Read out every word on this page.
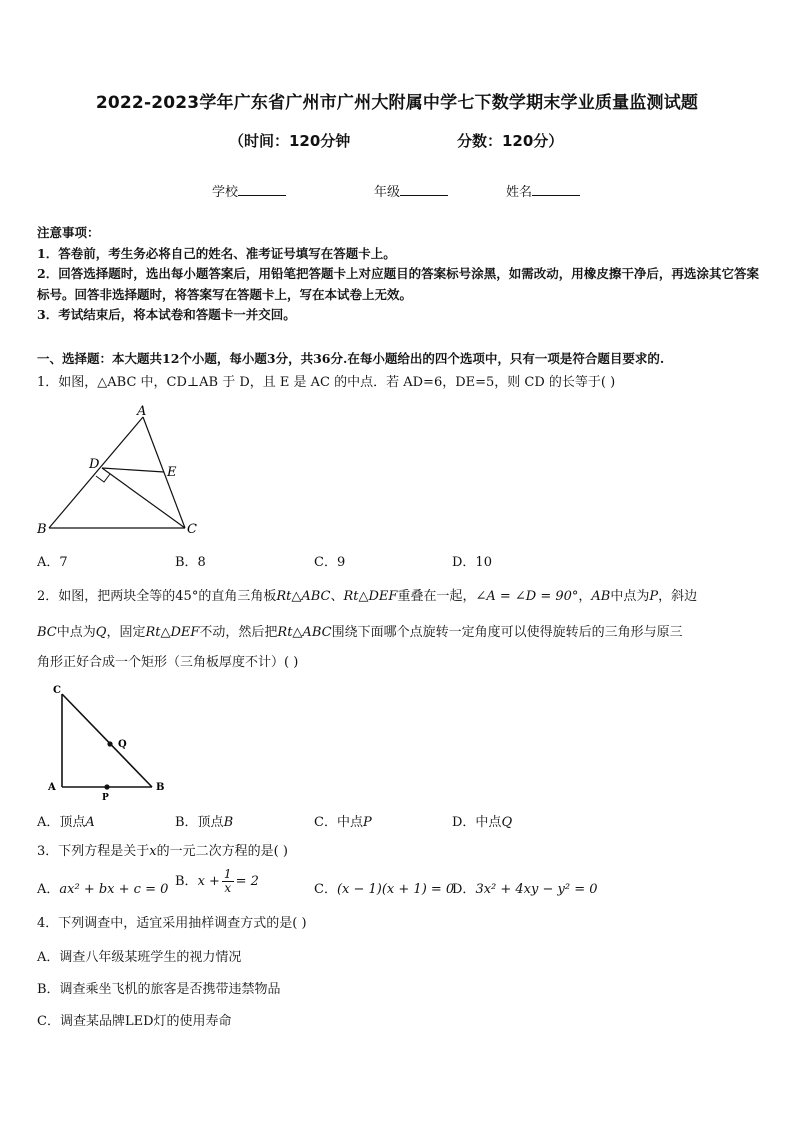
2022-2023学年广东省广州市广州大附属中学七下数学期末学业质量监测试题
（时间：120分钟	分数：120分）
学校	年级	姓名
注意事项：
1．答卷前，考生务必将自己的姓名、准考证号填写在答题卡上。
2．回答选择题时，选出每小题答案后，用铅笔把答题卡上对应题目的答案标号涂黑，如需改动，用橡皮擦干净后，再选涂其它答案标号。回答非选择题时，将答案写在答题卡上，写在本试卷上无效。
3．考试结束后，将本试卷和答题卡一并交回。
一、选择题：本大题共12个小题，每小题3分，共36分.在每小题给出的四个选项中，只有一项是符合题目要求的.
1．如图，△ABC 中，CD⊥AB 于 D，且 E 是 AC 的中点．若 AD=6，DE=5，则 CD 的长等于( )
A
D
E
B	C
A．7	B．8	C．9	D．10
2．如图，把两块全等的45°的直角三角板Rt△ABC、Rt△DEF重叠在一起，∠A = ∠D = 90°，AB中点为P，斜边
BC中点为Q，固定Rt△DEF不动，然后把Rt△ABC围绕下面哪个点旋转一定角度可以使得旋转后的三角形与原三
角形正好合成一个矩形（三角板厚度不计）( )
C
Q
A	B
P
A．顶点A	B．顶点B	C．中点P	D．中点Q
3．下列方程是关于x的一元二次方程的是( )
A．ax² + bx + c = 0
B．$x + \frac{1}{x} = 2$
C．(x − 1)(x + 1) = 0
D．3x² + 4xy − y² = 0
4．下列调查中，适宜采用抽样调查方式的是( )
A．调查八年级某班学生的视力情况
B．调查乘坐飞机的旅客是否携带违禁物品
C．调查某品牌LED灯的使用寿命
